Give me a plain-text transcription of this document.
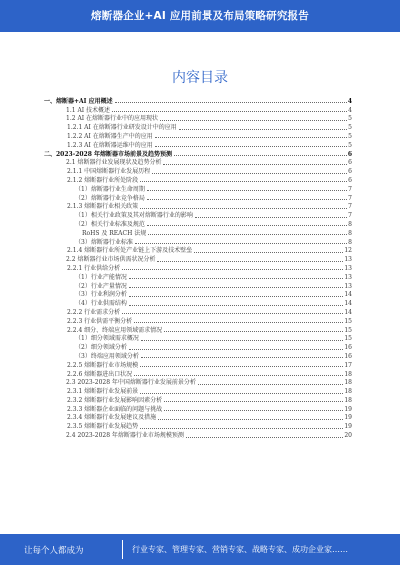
熔断器企业+AI 应用前景及布局策略研究报告
内容目录
一、熔断器+AI 应用概述	4
1.1 AI 技术概述	4
1.2 AI 在熔断器行业中的应用现状	5
1.2.1 AI 在熔断器行业研发设计中的应用	5
1.2.2 AI 在熔断器生产中的应用	5
1.2.3 AI 在熔断器运维中的应用	5
二、2023-2028 年熔断器市场前景及趋势预测	6
2.1 熔断器行业发展现状及趋势分析	6
2.1.1 中国熔断器行业发展历程	6
2.1.2 熔断器行业所处阶段	6
（1）熔断器行业生命周期	7
（2）熔断器行业竞争格局	7
2.1.3 熔断器行业相关政策	7
（1）相关行业政策及其对熔断器行业的影响	7
（2）相关行业标准及规范	8
RoHS 及 REACH 法规	8
（3）熔断器行业标准	8
2.1.4 熔断器行业所处产业链上下游及技术壁垒	12
2.2 熔断器行业市场供需状况分析	13
2.2.1 行业供给分析	13
（1）行业产能情况	13
（2）行业产量情况	13
（3）行业利润分析	14
（4）行业供需结构	14
2.2.2 行业需求分析	14
2.2.3 行业供需平衡分析	15
2.2.4 细分、终端应用领域需求情况	15
（1）细分领域需求概况	15
（2）细分领域分析	16
（3）终端应用领域分析	16
2.2.5 熔断器行业市场规模	17
2.2.6 熔断器进出口状况	18
2.3 2023-2028 年中国熔断器行业发展前景分析	18
2.3.1 熔断器行业发展前景	18
2.3.2 熔断器行业发展影响因素分析	18
2.3.3 熔断器企业面临的问题与挑战	19
2.3.4 熔断器行业发展建议及措施	19
2.3.5 熔断器行业发展趋势	19
2.4 2023-2028 年熔断器行业市场规模预测	20
让每个人都成为	行业专家、管理专家、营销专家、战略专家、成功企业家……
